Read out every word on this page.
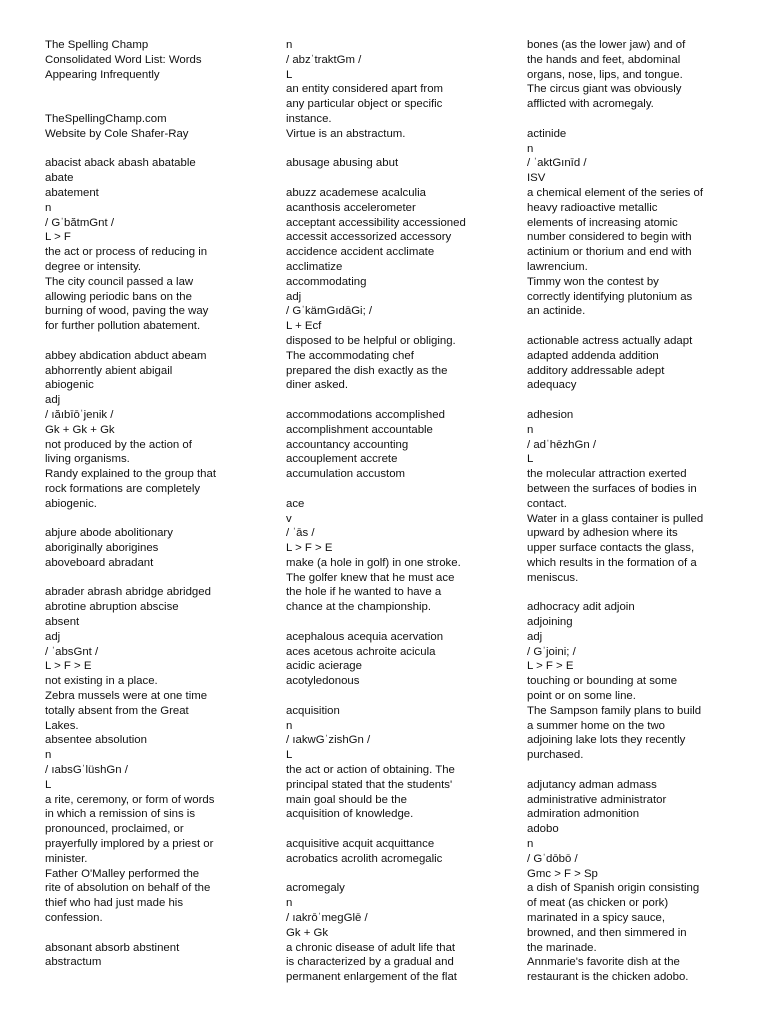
The Spelling Champ
Consolidated Word List: Words
Appearing Infrequently
TheSpellingChamp.com
Website by Cole Shafer-Ray
abacist aback abash abatable
abate
abatement
n
/ GˈbătmGnt /
L > F
the act or process of reducing in
degree or intensity.
The city council passed a law
allowing periodic bans on the
burning of wood, paving the way
for further pollution abatement.
abbey abdication abduct abeam
abhorrently abient abigail
abiogenic
adj
/ ıăıbīōˈjenik /
Gk + Gk + Gk
not produced by the action of
living organisms.
Randy explained to the group that
rock formations are completely
abiogenic.
abjure abode abolitionary
aboriginally aborigines
aboveboard abradant
abrader abrash abridge abridged
abrotine abruption abscise
absent
adj
/ ˈabsGnt /
L > F > E
not existing in a place.
Zebra mussels were at one time
totally absent from the Great
Lakes.
absentee absolution
n
/ ıabsGˈlüshGn /
L
a rite, ceremony, or form of words
in which a remission of sins is
pronounced, proclaimed, or
prayerfully implored by a priest or
minister.
Father O'Malley performed the
rite of absolution on behalf of the
thief who had just made his
confession.
absonant absorb abstinent
abstractum
n
/ abzˈtraktGm /
L
an entity considered apart from
any particular object or specific
instance.
Virtue is an abstractum.
abusage abusing abut
abuzz academese acalculia
acanthosis accelerometer
acceptant accessibility accessioned
accessit accessorized accessory
accidence accident acclimate
acclimatize
accommodating
adj
/ GˈkämGıdāGi; /
L + Ecf
disposed to be helpful or obliging.
The accommodating chef
prepared the dish exactly as the
diner asked.
accommodations accomplished
accomplishment accountable
accountancy accounting
accouplement accrete
accumulation accustom
ace
v
/ ˈās /
L > F > E
make (a hole in golf) in one stroke.
The golfer knew that he must ace
the hole if he wanted to have a
chance at the championship.
acephalous acequia acervation
aces acetous achroite acicula
acidic acierage
acotyledonous
acquisition
n
/ ıakwGˈzishGn /
L
the act or action of obtaining. The
principal stated that the students'
main goal should be the
acquisition of knowledge.
acquisitive acquit acquittance
acrobatics acrolith acromegalic
acromegaly
n
/ ıakrōˈmegGlē /
Gk + Gk
a chronic disease of adult life that
is characterized by a gradual and
permanent enlargement of the flat
bones (as the lower jaw) and of
the hands and feet, abdominal
organs, nose, lips, and tongue.
The circus giant was obviously
afflicted with acromegaly.
actinide
n
/ ˈaktGınīd /
ISV
a chemical element of the series of
heavy radioactive metallic
elements of increasing atomic
number considered to begin with
actinium or thorium and end with
lawrencium.
Timmy won the contest by
correctly identifying plutonium as
an actinide.
actionable actress actually adapt
adapted addenda addition
additory addressable adept
adequacy
adhesion
n
/ adˈhēzhGn /
L
the molecular attraction exerted
between the surfaces of bodies in
contact.
Water in a glass container is pulled
upward by adhesion where its
upper surface contacts the glass,
which results in the formation of a
meniscus.
adhocracy adit adjoin
adjoining
adj
/ Gˈjoini; /
L > F > E
touching or bounding at some
point or on some line.
The Sampson family plans to build
a summer home on the two
adjoining lake lots they recently
purchased.
adjutancy adman admass
administrative administrator
admiration admonition
adobo
n
/ Gˈdōbō /
Gmc > F > Sp
a dish of Spanish origin consisting
of meat (as chicken or pork)
marinated in a spicy sauce,
browned, and then simmered in
the marinade.
Annmarie's favorite dish at the
restaurant is the chicken adobo.
